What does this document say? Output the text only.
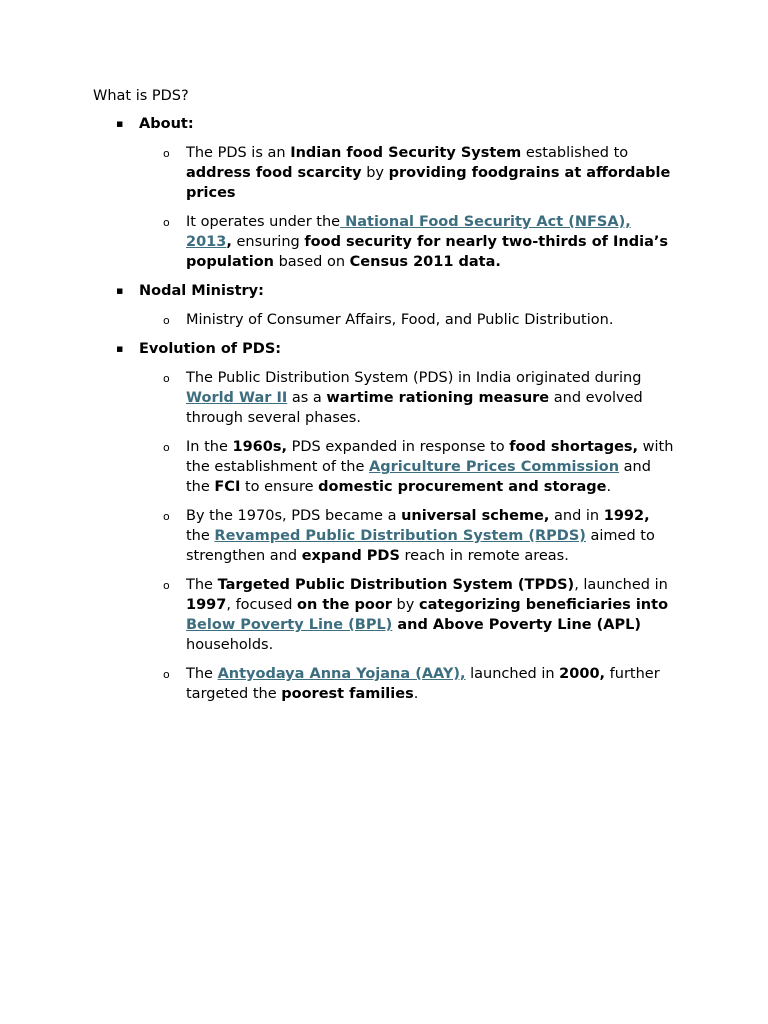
What is PDS?
▪ About:
o The PDS is an Indian food Security System established to address food scarcity by providing foodgrains at affordable prices
o It operates under the National Food Security Act (NFSA), 2013, ensuring food security for nearly two-thirds of India’s population based on Census 2011 data.
▪ Nodal Ministry:
o Ministry of Consumer Affairs, Food, and Public Distribution.
▪ Evolution of PDS:
o The Public Distribution System (PDS) in India originated during World War II as a wartime rationing measure and evolved through several phases.
o In the 1960s, PDS expanded in response to food shortages, with the establishment of the Agriculture Prices Commission and the FCI to ensure domestic procurement and storage.
o By the 1970s, PDS became a universal scheme, and in 1992, the Revamped Public Distribution System (RPDS) aimed to strengthen and expand PDS reach in remote areas.
o The Targeted Public Distribution System (TPDS), launched in 1997, focused on the poor by categorizing beneficiaries into Below Poverty Line (BPL) and Above Poverty Line (APL) households.
o The Antyodaya Anna Yojana (AAY), launched in 2000, further targeted the poorest families.
